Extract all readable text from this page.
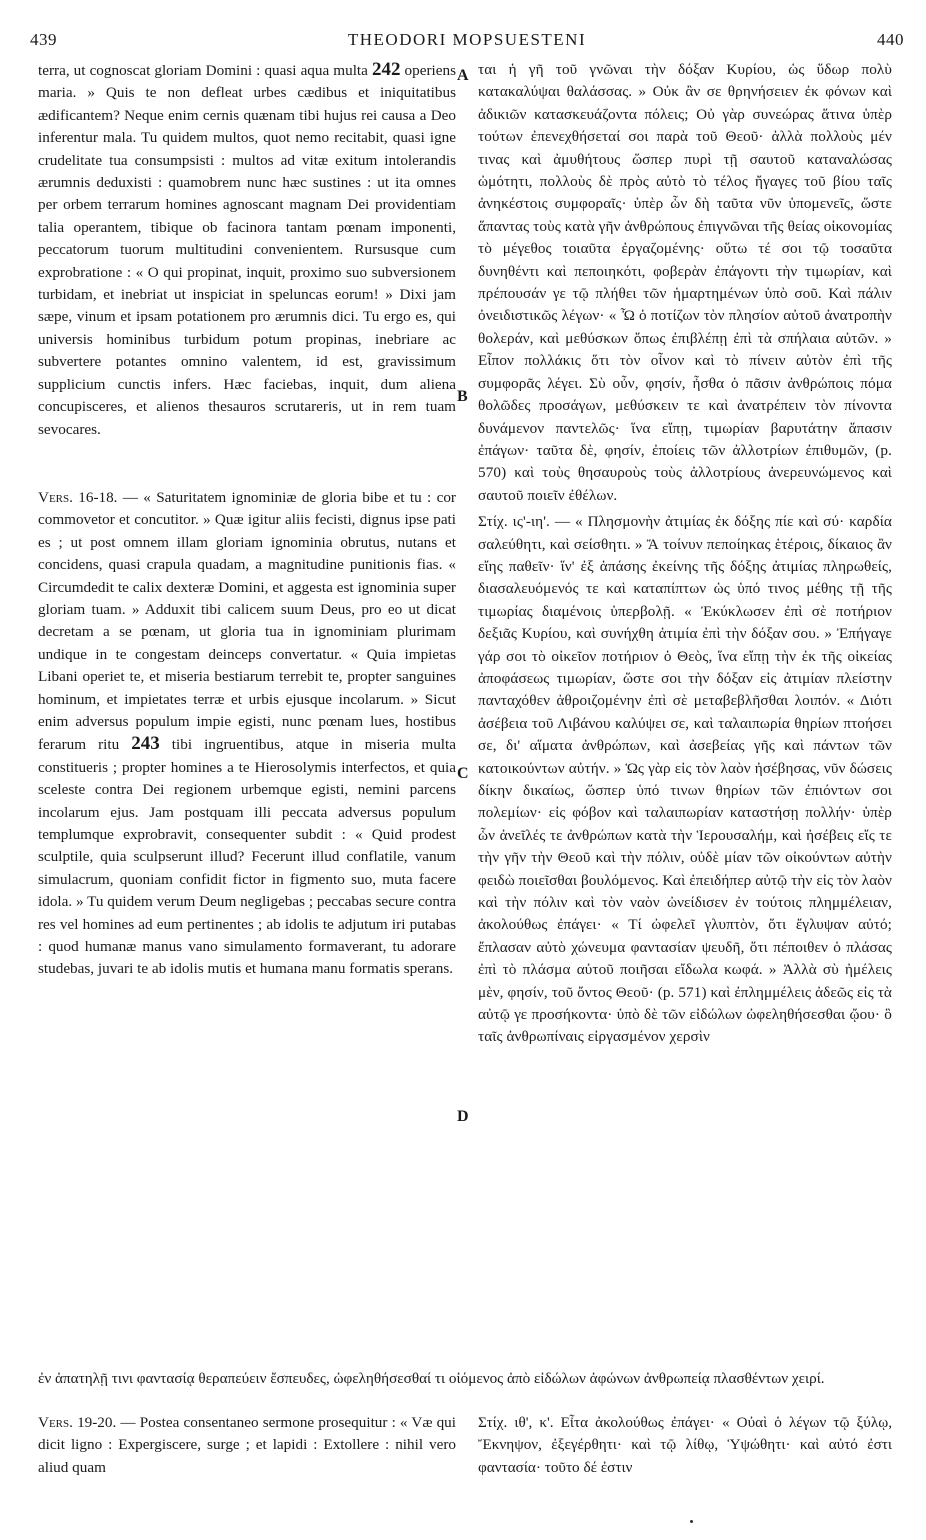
439	THEODORI MOPSUESTENI	440
A
B
C
D

terra, ut cognoscat gloriam Domini : quasi aqua multa 242 operiens maria. » Quis te non defleat urbes cædibus et iniquitatibus ædificantem? Neque enim cernis quænam tibi hujus rei causa a Deo inferentur mala. Tu quidem multos, quot nemo recitabit, quasi igne crudelitate tua consumpsisti : multos ad vitæ exitum intolerandis ærumnis deduxisti : quamobrem nunc hæc sustines : ut ita omnes per orbem terrarum homines agnoscant magnam Dei providentiam talia operantem, tibique ob facinora tantam pœnam imponenti, peccatorum tuorum multitudini convenientem. Rursusque cum exprobratione : « O qui propinat, inquit, proximo suo subversionem turbidam, et inebriat ut inspiciat in speluncas eorum! » Dixi jam sæpe, vinum et ipsam potationem pro ærumnis dici. Tu ergo es, qui universis hominibus turbidum potum propinas, inebriare ac subvertere potantes omnino valentem, id est, gravissimum supplicium cunctis infers. Hæc faciebas, inquit, dum aliena concupisceres, et alienos thesauros scrutareris, ut in rem tuam sevocares.

Vers. 16-18. — « Saturitatem ignominiæ de gloria bibe et tu : cor commovetor et concutitor. » Quæ igitur aliis fecisti, dignus ipse pati es ; ut post omnem illam gloriam ignominia obrutus, nutans et concidens, quasi crapula quadam, a magnitudine punitionis fias. « Circumdedit te calix dexteræ Domini, et aggesta est ignominia super gloriam tuam. » Adduxit tibi calicem suum Deus, pro eo ut dicat decretam a se pœnam, ut gloria tua in ignominiam plurimam undique in te congestam deinceps convertatur. « Quia impietas Libani operiet te, et miseria bestiarum terrebit te, propter sanguines hominum, et impietates terræ et urbis ejusque incolarum. » Sicut enim adversus populum impie egisti, nunc pœnam lues, hostibus ferarum ritu 243 tibi ingruentibus, atque in miseria multa constitueris ; propter homines a te Hierosolymis interfectos, et quia sceleste contra Dei regionem urbemque egisti, nemini parcens incolarum ejus. Jam postquam illi peccata adversus populum templumque exprobravit, consequenter subdit : « Quid prodest sculptile, quia sculpserunt illud? Fecerunt illud conflatile, vanum simulacrum, quoniam confidit fictor in figmento suo, muta facere idola. » Tu quidem verum Deum negligebas ; peccabas secure contra res vel homines ad eum pertinentes ; ab idolis te adjutum iri putabas : quod humanæ manus vano simulamento formaverant, tu adorare studebas, juvari te ab idolis mutis et humana manu formatis sperans.

ται ἡ γῆ τοῦ γνῶναι τὴν δόξαν Κυρίου, ὡς ὕδωρ πολὺ κατακαλύψαι θαλάσσας. » Οὐκ ἂν σε θρηνήσειεν ἐκ φόνων καὶ ἀδικιῶν κατασκευάζοντα πόλεις; Οὐ γὰρ συνεώρας ἅτινα ὑπὲρ τούτων ἐπενεχθήσεταί σοι παρὰ τοῦ Θεοῦ· ἀλλὰ πολλοὺς μέν τινας καὶ ἀμυθήτους ὥσπερ πυρὶ τῇ σαυτοῦ καταναλώσας ὠμότητι, πολλοὺς δὲ πρὸς αὐτὸ τὸ τέλος ἤγαγες τοῦ βίου ταῖς ἀνηκέστοις συμφοραῖς· ὑπὲρ ὧν δὴ ταῦτα νῦν ὑπομενεῖς, ὥστε ἅπαντας τοὺς κατὰ γῆν ἀνθρώπους ἐπιγνῶναι τῆς θείας οἰκονομίας τὸ μέγεθος τοιαῦτα ἐργαζομένης· οὕτω τέ σοι τῷ τοσαῦτα δυνηθέντι καὶ πεποιηκότι, φοβερὰν ἐπάγοντι τὴν τιμωρίαν, καὶ πρέπουσάν γε τῷ πλήθει τῶν ἡμαρτημένων ὑπὸ σοῦ. Καὶ πάλιν ὀνειδιστικῶς λέγων· « Ὦ ὁ ποτίζων τὸν πλησίον αὐτοῦ ἀνατροπὴν θολεράν, καὶ μεθύσκων ὅπως ἐπιβλέπῃ ἐπὶ τὰ σπήλαια αὐτῶν. » Εἶπον πολλάκις ὅτι τὸν οἶνον καὶ τὸ πίνειν αὐτὸν ἐπὶ τῆς συμφορᾶς λέγει. Σὺ οὖν, φησίν, ἦσθα ὁ πᾶσιν ἀνθρώποις πόμα θολῶδες προσάγων, μεθύσκειν τε καὶ ἀνατρέπειν τὸν πίνοντα δυνάμενον παντελῶς· ἵνα εἴπῃ, τιμωρίαν βαρυτάτην ἅπασιν ἐπάγων· ταῦτα δὲ, φησίν, ἐποίεις τῶν ἀλλοτρίων ἐπιθυμῶν, (p. 570) καὶ τοὺς θησαυροὺς τοὺς ἀλλοτρίους ἀνερευνώμενος καὶ σαυτοῦ ποιεῖν ἐθέλων.

Στίχ. ις'-ιη'. — « Πλησμονὴν ἀτιμίας ἐκ δόξης πίε καὶ σύ· καρδία σαλεύθητι, καὶ σείσθητι. » Ἄ τοίνυν πεποίηκας ἑτέροις, δίκαιος ἂν εἴης παθεῖν· ἵν' ἐξ ἁπάσης ἐκείνης τῆς δόξης ἀτιμίας πληρωθείς, διασαλευόμενός τε καὶ καταπίπτων ὡς ὑπό τινος μέθης τῇ τῆς τιμωρίας διαμένοις ὑπερβολῇ. « Ἐκύκλωσεν ἐπὶ σὲ ποτήριον δεξιᾶς Κυρίου, καὶ συνήχθη ἀτιμία ἐπὶ τὴν δόξαν σου. » Ἐπήγαγε γάρ σοι τὸ οἰκεῖον ποτήριον ὁ Θεὸς, ἵνα εἴπῃ τὴν ἐκ τῆς οἰκείας ἀποφάσεως τιμωρίαν, ὥστε σοι τὴν δόξαν εἰς ἀτιμίαν πλείστην πανταχόθεν ἀθροιζομένην ἐπὶ σὲ μεταβεβλῆσθαι λοιπόν. « Διότι ἀσέβεια τοῦ Λιβάνου καλύψει σε, καὶ ταλαιπωρία θηρίων πτοήσει σε, δι' αἵματα ἀνθρώπων, καὶ ἀσεβείας γῆς καὶ πάντων τῶν κατοικούντων αὐτήν. » Ὡς γὰρ εἰς τὸν λαὸν ἠσέβησας, νῦν δώσεις δίκην δικαίως, ὥσπερ ὑπό τινων θηρίων τῶν ἐπιόντων σοι πολεμίων· εἰς φόβον καὶ ταλαιπωρίαν καταστήσῃ πολλήν· ὑπὲρ ὧν ἀνεῖλές τε ἀνθρώπων κατὰ τὴν Ἱερουσαλήμ, καὶ ἠσέβεις εἴς τε τὴν γῆν τὴν Θεοῦ καὶ τὴν πόλιν, οὐδὲ μίαν τῶν οἰκούντων αὐτὴν φειδὼ ποιεῖσθαι βουλόμενος. Καὶ ἐπειδήπερ αὐτῷ τὴν εἰς τὸν λαὸν καὶ τὴν πόλιν καὶ τὸν ναὸν ὠνείδισεν ἐν τούτοις πλημμέλειαν, ἀκολούθως ἐπάγει· « Τί ὠφελεῖ γλυπτὸν, ὅτι ἔγλυψαν αὐτό; ἔπλασαν αὐτὸ χώνευμα φαντασίαν ψευδῆ, ὅτι πέποιθεν ὁ πλάσας ἐπὶ τὸ πλάσμα αὐτοῦ ποιῆσαι εἴδωλα κωφά. » Ἀλλὰ σὺ ἠμέλεις μὲν, φησίν, τοῦ ὄντος Θεοῦ· (p. 571) καὶ ἐπλημμέλεις ἀδεῶς εἰς τὰ αὐτῷ γε προσήκοντα· ὑπὸ δὲ τῶν εἰδώλων ὠφεληθήσεσθαι ᾤου· ὃ ταῖς ἀνθρωπίναις εἰργασμένον χερσὶν

ἐν ἀπατηλῇ τινι φαντασίᾳ θεραπεύειν ἔσπευδες, ὠφεληθήσεσθαί τι οἰόμενος ἀπὸ εἰδώλων ἀφώνων ἀνθρωπείᾳ πλασθέντων χειρί.
Vers. 19-20. — Postea consentaneo sermone prosequitur : « Væ qui dicit ligno : Expergiscere, surge ; et lapidi : Extollere : nihil vero aliud quam
Στίχ. ιθ', κ'. Εἶτα ἀκολούθως ἐπάγει· « Οὐαὶ ὁ λέγων τῷ ξύλῳ, Ἔκνηψον, ἐξεγέρθητι· καὶ τῷ λίθῳ, Ὑψώθητι· καὶ αὐτό ἐστι φαντασία· τοῦτο δέ ἐστιν
